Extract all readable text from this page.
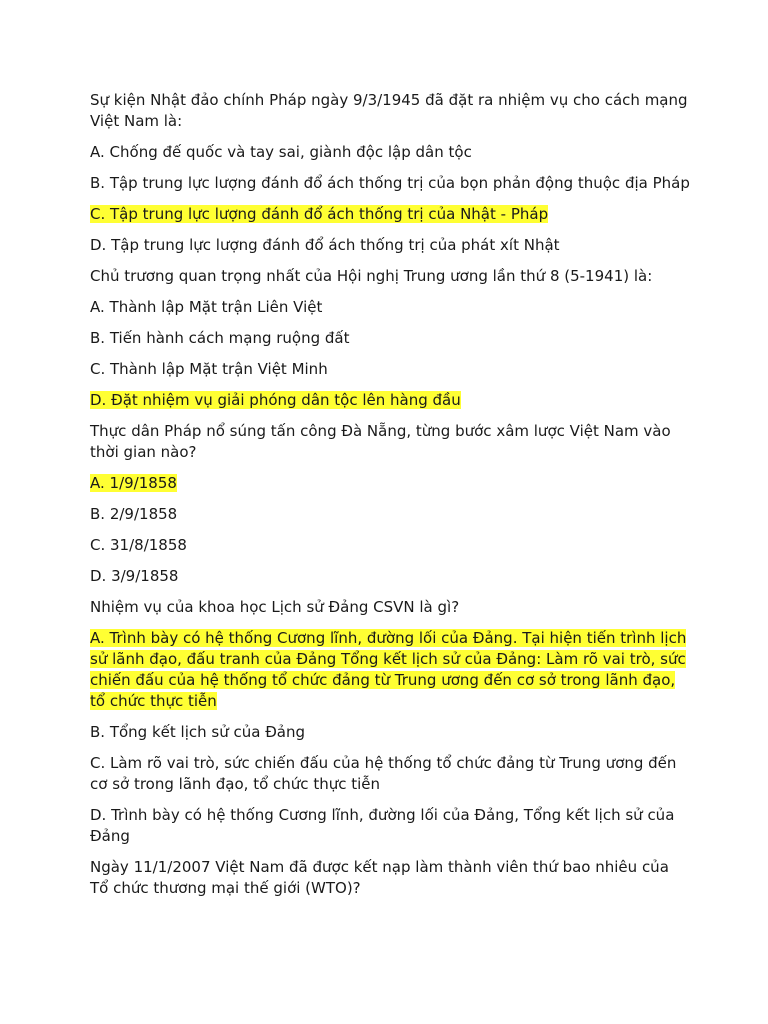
Sự kiện Nhật đảo chính Pháp ngày 9/3/1945 đã đặt ra nhiệm vụ cho cách mạng Việt Nam là:

A. Chống đế quốc và tay sai, giành độc lập dân tộc

B. Tập trung lực lượng đánh đổ ách thống trị của bọn phản động thuộc địa Pháp

C. Tập trung lực lượng đánh đổ ách thống trị của Nhật - Pháp

D. Tập trung lực lượng đánh đổ ách thống trị của phát xít Nhật

Chủ trương quan trọng nhất của Hội nghị Trung ương lần thứ 8 (5-1941) là:

A. Thành lập Mặt trận Liên Việt

B. Tiến hành cách mạng ruộng đất

C. Thành lập Mặt trận Việt Minh

D. Đặt nhiệm vụ giải phóng dân tộc lên hàng đầu

Thực dân Pháp nổ súng tấn công Đà Nẵng, từng bước xâm lược Việt Nam vào thời gian nào?

A. 1/9/1858

B. 2/9/1858

C. 31/8/1858

D. 3/9/1858

Nhiệm vụ của khoa học Lịch sử Đảng CSVN là gì?

A. Trình bày có hệ thống Cương lĩnh, đường lối của Đảng. Tại hiện tiến trình lịch sử lãnh đạo, đấu tranh của Đảng Tổng kết lịch sử của Đảng: Làm rõ vai trò, sức chiến đấu của hệ thống tổ chức đảng từ Trung ương đến cơ sở trong lãnh đạo, tổ chức thực tiễn

B. Tổng kết lịch sử của Đảng

C. Làm rõ vai trò, sức chiến đấu của hệ thống tổ chức đảng từ Trung ương đến cơ sở trong lãnh đạo, tổ chức thực tiễn

D. Trình bày có hệ thống Cương lĩnh, đường lối của Đảng, Tổng kết lịch sử của Đảng

Ngày 11/1/2007 Việt Nam đã được kết nạp làm thành viên thứ bao nhiêu của Tổ chức thương mại thế giới (WTO)?
